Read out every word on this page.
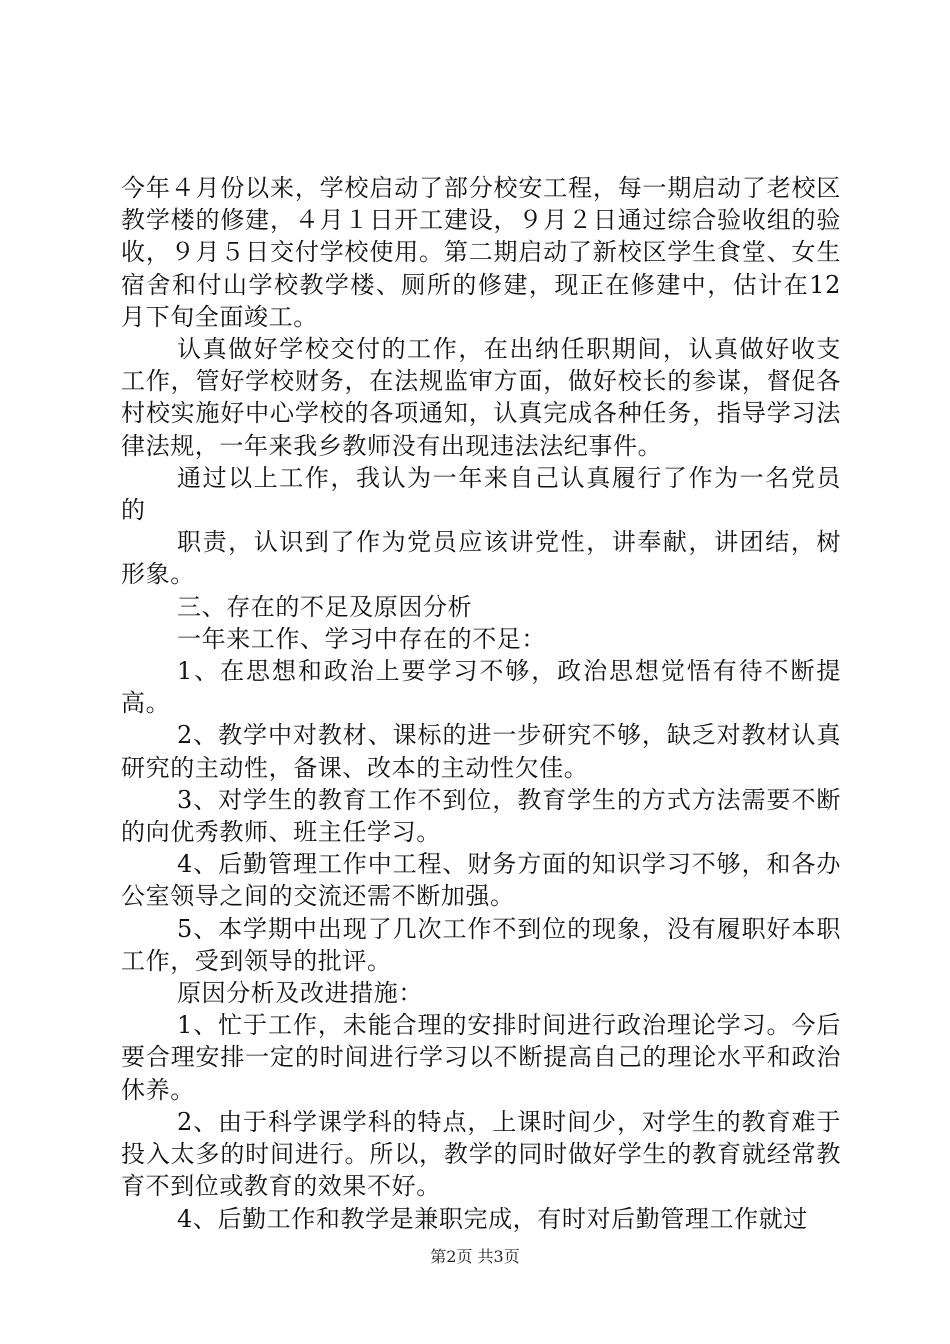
今年４月份以来，学校启动了部分校安工程，每一期启动了老校区教学楼的修建，４月１日开工建设，９月２日通过综合验收组的验收，９月５日交付学校使用。第二期启动了新校区学生食堂、女生宿舍和付山学校教学楼、厕所的修建，现正在修建中，估计在12月下旬全面竣工。

认真做好学校交付的工作，在出纳任职期间，认真做好收支工作，管好学校财务，在法规监审方面，做好校长的参谋，督促各村校实施好中心学校的各项通知，认真完成各种任务，指导学习法律法规，一年来我乡教师没有出现违法法纪事件。

通过以上工作，我认为一年来自己认真履行了作为一名党员的

职责，认识到了作为党员应该讲党性，讲奉献，讲团结，树形象。

三、存在的不足及原因分析

一年来工作、学习中存在的不足：

1、在思想和政治上要学习不够，政治思想觉悟有待不断提高。

2、教学中对教材、课标的进一步研究不够，缺乏对教材认真研究的主动性，备课、改本的主动性欠佳。

3、对学生的教育工作不到位，教育学生的方式方法需要不断的向优秀教师、班主任学习。

4、后勤管理工作中工程、财务方面的知识学习不够，和各办公室领导之间的交流还需不断加强。

5、本学期中出现了几次工作不到位的现象，没有履职好本职工作，受到领导的批评。

原因分析及改进措施：

1、忙于工作，未能合理的安排时间进行政治理论学习。今后要合理安排一定的时间进行学习以不断提高自己的理论水平和政治休养。

2、由于科学课学科的特点，上课时间少，对学生的教育难于投入太多的时间进行。所以，教学的同时做好学生的教育就经常教育不到位或教育的效果不好。

4、后勤工作和教学是兼职完成，有时对后勤管理工作就过

第2页 共3页
